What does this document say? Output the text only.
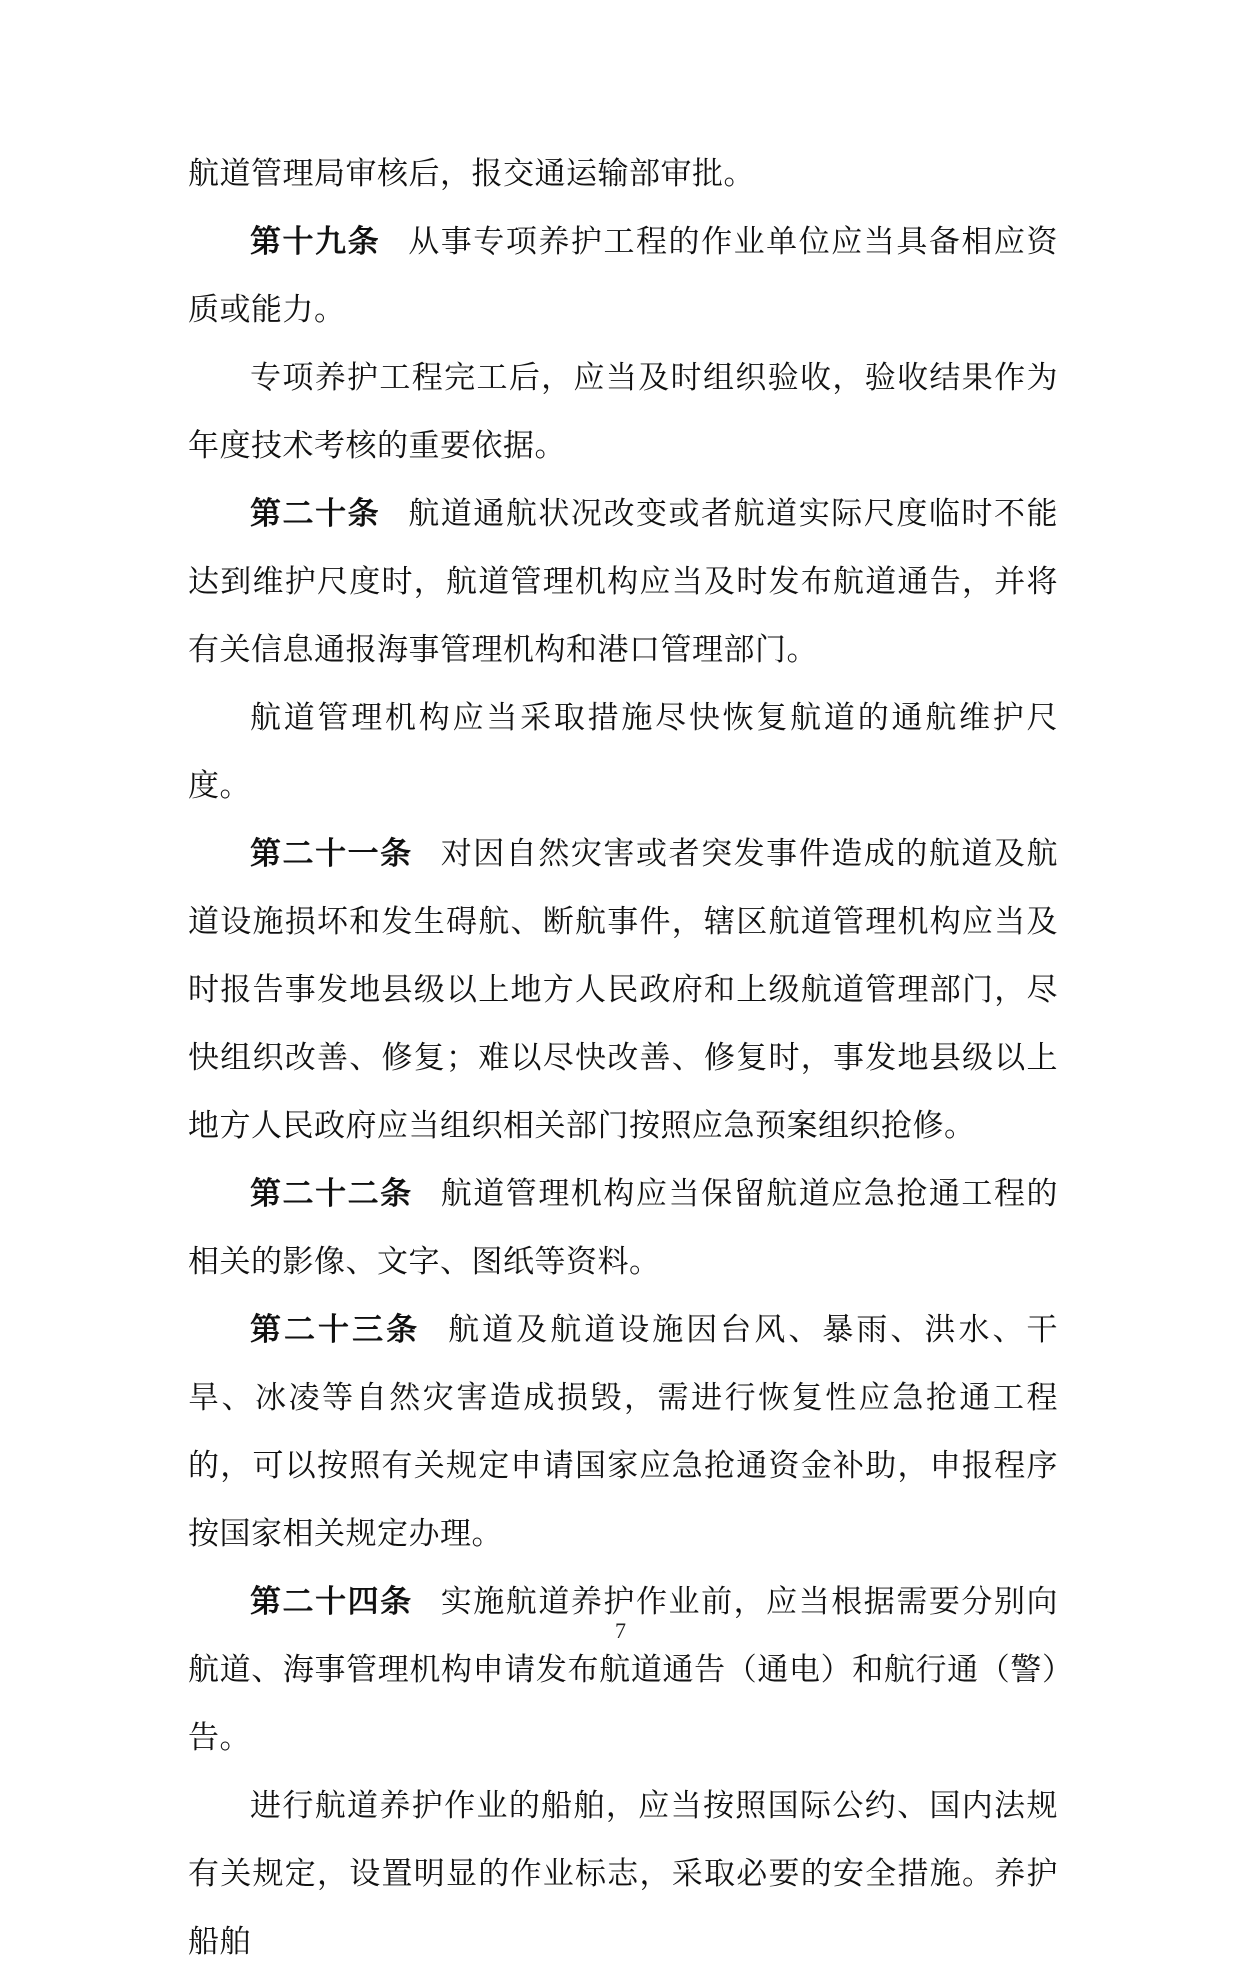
航道管理局审核后，报交通运输部审批。

第十九条 从事专项养护工程的作业单位应当具备相应资质或能力。

专项养护工程完工后，应当及时组织验收，验收结果作为年度技术考核的重要依据。

第二十条 航道通航状况改变或者航道实际尺度临时不能达到维护尺度时，航道管理机构应当及时发布航道通告，并将有关信息通报海事管理机构和港口管理部门。

航道管理机构应当采取措施尽快恢复航道的通航维护尺度。

第二十一条 对因自然灾害或者突发事件造成的航道及航道设施损坏和发生碍航、断航事件，辖区航道管理机构应当及时报告事发地县级以上地方人民政府和上级航道管理部门，尽快组织改善、修复；难以尽快改善、修复时，事发地县级以上地方人民政府应当组织相关部门按照应急预案组织抢修。

第二十二条 航道管理机构应当保留航道应急抢通工程的相关的影像、文字、图纸等资料。

第二十三条 航道及航道设施因台风、暴雨、洪水、干旱、冰凌等自然灾害造成损毁，需进行恢复性应急抢通工程的，可以按照有关规定申请国家应急抢通资金补助，申报程序按国家相关规定办理。

第二十四条 实施航道养护作业前，应当根据需要分别向航道、海事管理机构申请发布航道通告（通电）和航行通（警）告。

进行航道养护作业的船舶，应当按照国际公约、国内法规有关规定，设置明显的作业标志，采取必要的安全措施。养护船舶

7
